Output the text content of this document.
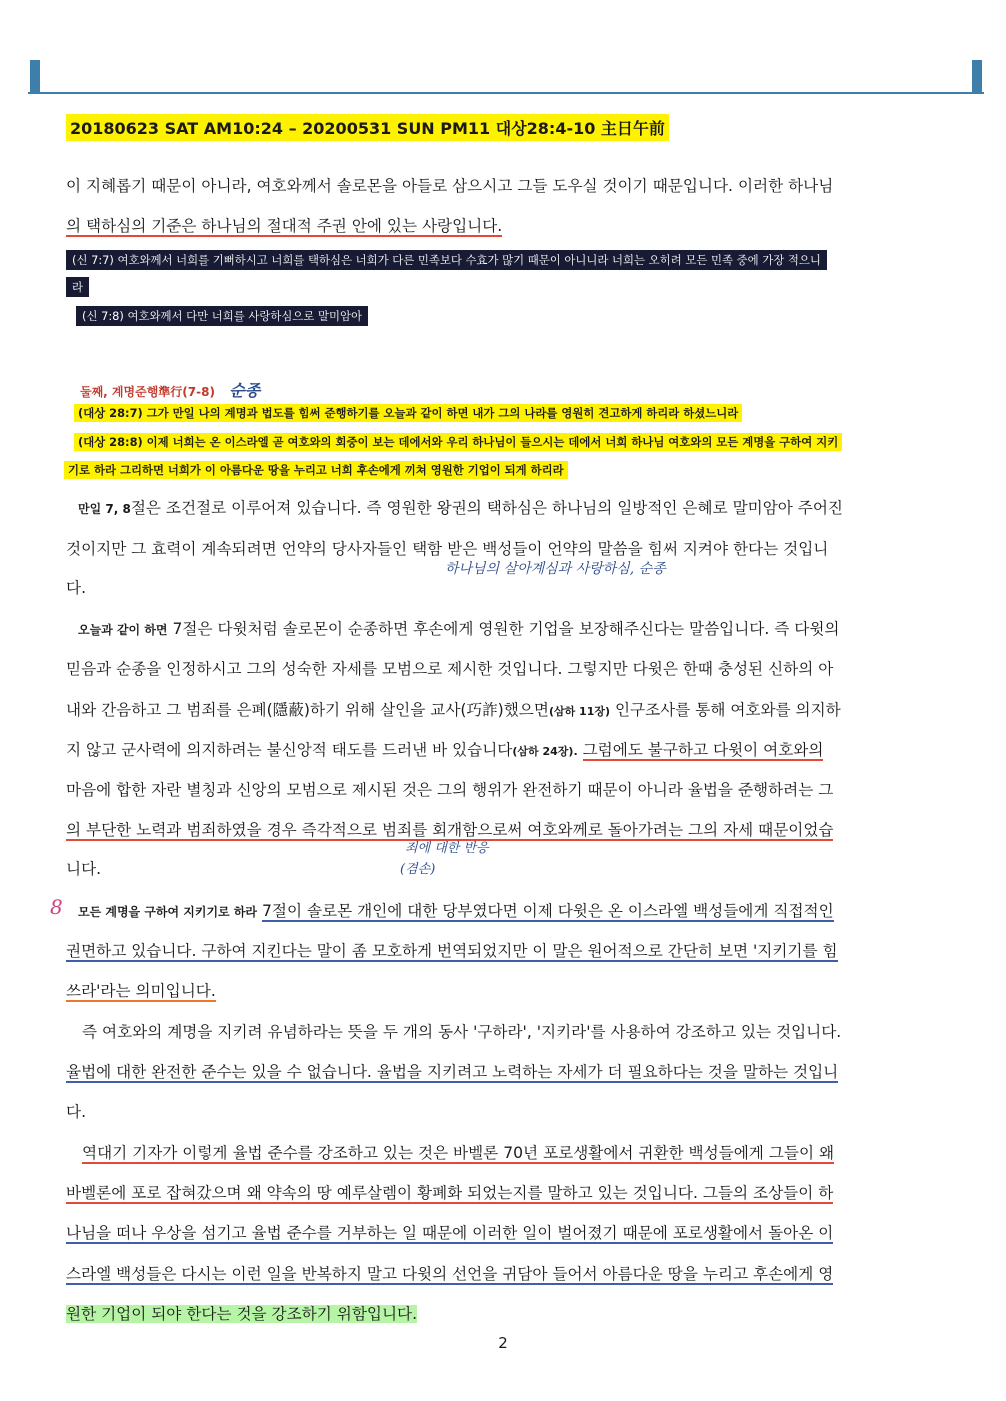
20180623 SAT AM10:24 – 20200531 SUN PM11 대상28:4-10 主日午前
이 지혜롭기 때문이 아니라, 여호와께서 솔로몬을 아들로 삼으시고 그들 도우실 것이기 때문입니다. 이러한 하나님
의 택하심의 기준은 하나님의 절대적 주권 안에 있는 사랑입니다.
(신 7:7) 여호와께서 너희를 기뻐하시고 너희를 택하심은 너희가 다른 민족보다 수효가 많기 때문이 아니니라 너희는 오히려 모든 민족 중에 가장 적으니
라
(신 7:8) 여호와께서 다만 너희를 사랑하심으로 말미암아
둘째, 계명준행準行(7-8) 순종
(대상 28:7) 그가 만일 나의 계명과 법도를 힘써 준행하기를 오늘과 같이 하면 내가 그의 나라를 영원히 견고하게 하리라 하셨느니라
(대상 28:8) 이제 너희는 온 이스라엘 곧 여호와의 회중이 보는 데에서와 우리 하나님이 들으시는 데에서 너희 하나님 여호와의 모든 계명을 구하여 지키
기로 하라 그리하면 너희가 이 아름다운 땅을 누리고 너희 후손에게 끼쳐 영원한 기업이 되게 하리라
만일 7, 8절은 조건절로 이루어져 있습니다. 즉 영원한 왕권의 택하심은 하나님의 일방적인 은혜로 말미암아 주어진
것이지만 그 효력이 계속되려면 언약의 당사자들인 택함 받은 백성들이 언약의 말씀을 힘써 지켜야 한다는 것입니
다.
하나님의 살아계심과 사랑하심, 순종
오늘과 같이 하면 7절은 다윗처럼 솔로몬이 순종하면 후손에게 영원한 기업을 보장해주신다는 말씀입니다. 즉 다윗의
믿음과 순종을 인정하시고 그의 성숙한 자세를 모범으로 제시한 것입니다. 그렇지만 다윗은 한때 충성된 신하의 아
내와 간음하고 그 범죄를 은폐(隱蔽)하기 위해 살인을 교사(巧詐)했으면(삼하 11장) 인구조사를 통해 여호와를 의지하
지 않고 군사력에 의지하려는 불신앙적 태도를 드러낸 바 있습니다(삼하 24장). 그럼에도 불구하고 다윗이 여호와의
마음에 합한 자란 별칭과 신앙의 모범으로 제시된 것은 그의 행위가 완전하기 때문이 아니라 율법을 준행하려는 그
의 부단한 노력과 범죄하였을 경우 즉각적으로 범죄를 회개함으로써 여호와께로 돌아가려는 그의 자세 때문이었습
니다.
죄에 대한 반응
(겸손)
8 모든 계명을 구하여 지키기로 하라 7절이 솔로몬 개인에 대한 당부였다면 이제 다윗은 온 이스라엘 백성들에게 직접적인
권면하고 있습니다. 구하여 지킨다는 말이 좀 모호하게 번역되었지만 이 말은 원어적으로 간단히 보면 '지키기를 힘
쓰라'라는 의미입니다.
즉 여호와의 계명을 지키려 유념하라는 뜻을 두 개의 동사 '구하라', '지키라'를 사용하여 강조하고 있는 것입니다.
율법에 대한 완전한 준수는 있을 수 없습니다. 율법을 지키려고 노력하는 자세가 더 필요하다는 것을 말하는 것입니
다.
역대기 기자가 이렇게 율법 준수를 강조하고 있는 것은 바벨론 70년 포로생활에서 귀환한 백성들에게 그들이 왜
바벨론에 포로 잡혀갔으며 왜 약속의 땅 예루살렘이 황폐화 되었는지를 말하고 있는 것입니다. 그들의 조상들이 하
나님을 떠나 우상을 섬기고 율법 준수를 거부하는 일 때문에 이러한 일이 벌어졌기 때문에 포로생활에서 돌아온 이
스라엘 백성들은 다시는 이런 일을 반복하지 말고 다윗의 선언을 귀담아 들어서 아름다운 땅을 누리고 후손에게 영
원한 기업이 되야 한다는 것을 강조하기 위함입니다.
2
